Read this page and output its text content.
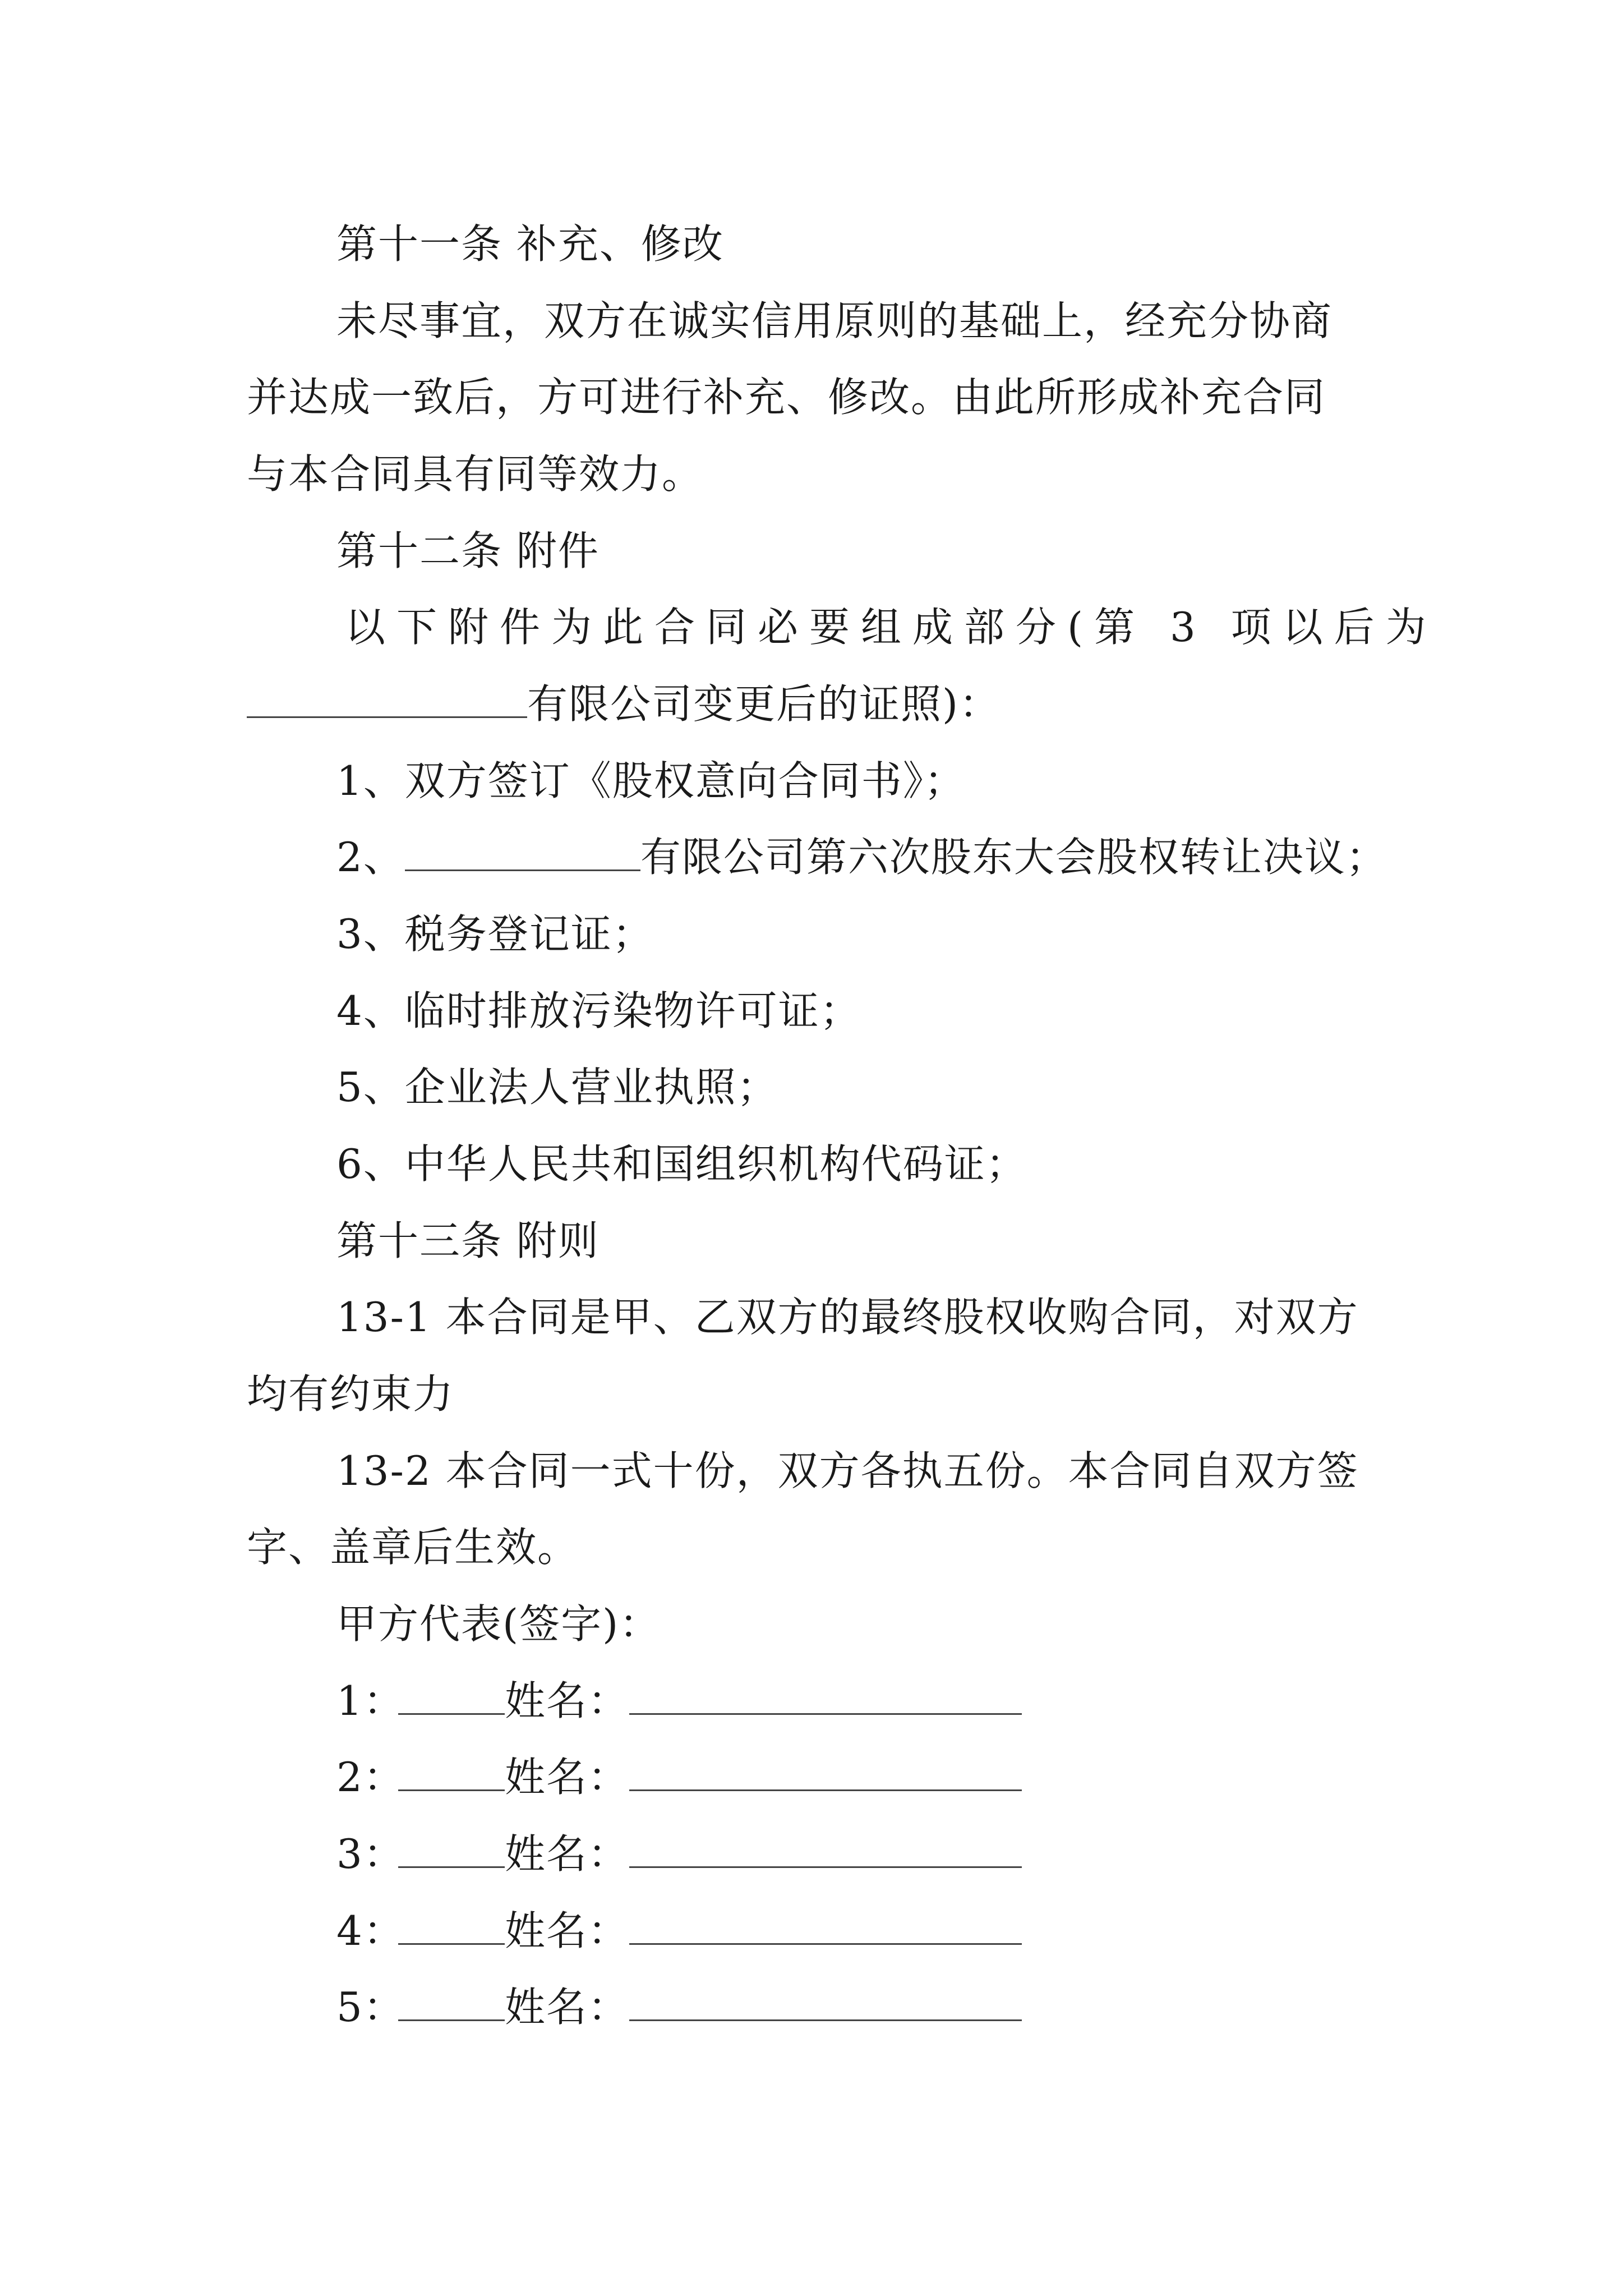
第十一条 补充、修改
未尽事宜，双方在诚实信用原则的基础上，经充分协商
并达成一致后，方可进行补充、修改。由此所形成补充合同
与本合同具有同等效力。
第十二条 附件
以下附件为此合同必要组成部分(第 3 项以后为
有限公司变更后的证照)：
1、双方签订《股权意向合同书》；
2、	有限公司第六次股东大会股权转让决议；
3、税务登记证；
4、临时排放污染物许可证；
5、企业法人营业执照；
6、中华人民共和国组织机构代码证；
第十三条 附则
13-1 本合同是甲、乙双方的最终股权收购合同，对双方
均有约束力
13-2 本合同一式十份，双方各执五份。本合同自双方签
字、盖章后生效。
甲方代表(签字)：
1： 姓名：
2： 姓名：
3： 姓名：
4： 姓名：
5： 姓名：
